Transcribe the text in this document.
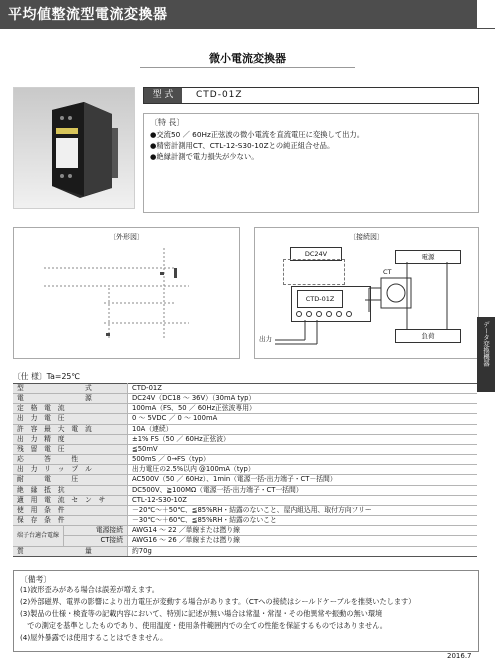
平均値整流型電流変換器
微小電流変換器
型 式	CTD-01Z
〔特 長〕
●交流50 ／ 60Hz正弦波の微小電流を直流電圧に変換して出力。
●精密計測用CT、CTL-12-S30-10Zとの純正組合せ品。
●絶縁計測で電力損失が少ない。
〔外形図〕	〔接続図〕
DC24V
CTD-01Z
電源
負荷
CT
出力	データ変換機器
〔仕 様〕Ta=25℃
型　　　　　　　　　式		CTD-01Z
電　　　　　　　　　源		DC24V（DC18 ～ 36V）（30mA typ）
定　格　電　流		100mA（FS、50 ／ 60Hz正弦波専用）
出　力　電　圧		0 ～ 5VDC ／ 0 ～ 100mA
許　容　最　大　電　流		10A（連続）
出　力　精　度		±1% FS（50 ／ 60Hz正弦波）
残　留　電　圧		≦50mV
応　　　答　　　性		500mS ／ 0→FS（typ）
出　力　リ　ッ　プ　ル		出力電圧の2.5%以内 @100mA（typ）
耐　　　電　　　圧		AC500V（50 ／ 60Hz）、1min（電源一括-出力端子・CT－括間）
絶　縁　抵　抗		DC500V、≧100MΩ（電源一括-出力端子・CT一括間）
適　用　電　流　セ　ン　サ		CTL-12-S30-10Z
使　用　条　件		－20℃～＋50℃、≦85%RH・結露のないこと、屋内組込用、取付方向フリー
保　存　条　件		－30℃～＋60℃、≦85%RH・結露のないこと
端子台適合電線	電源接続	AWG14 ～ 22 ／単線または撚り線
	CT接続	AWG16 ～ 26 ／単線または撚り線
質　　　　　　　　　量		約70g
〔備考〕
(1)波形歪みがある場合は誤差が増えます。
(2)外部磁界、電界の影響により出力電圧が変動する場合があります。（CTへの接続はシールドケーブルを推奨いたします）
(3)製品の仕様・検査等の記載内容において、特別に記述が無い場合は常温・常湿・その他異常や振動の無い環境
　での測定を基準としたものであり、使用温度・使用条件範囲内での全ての性能を保証するものではありません。
(4)屋外暴露では使用することはできません。
2016.7
